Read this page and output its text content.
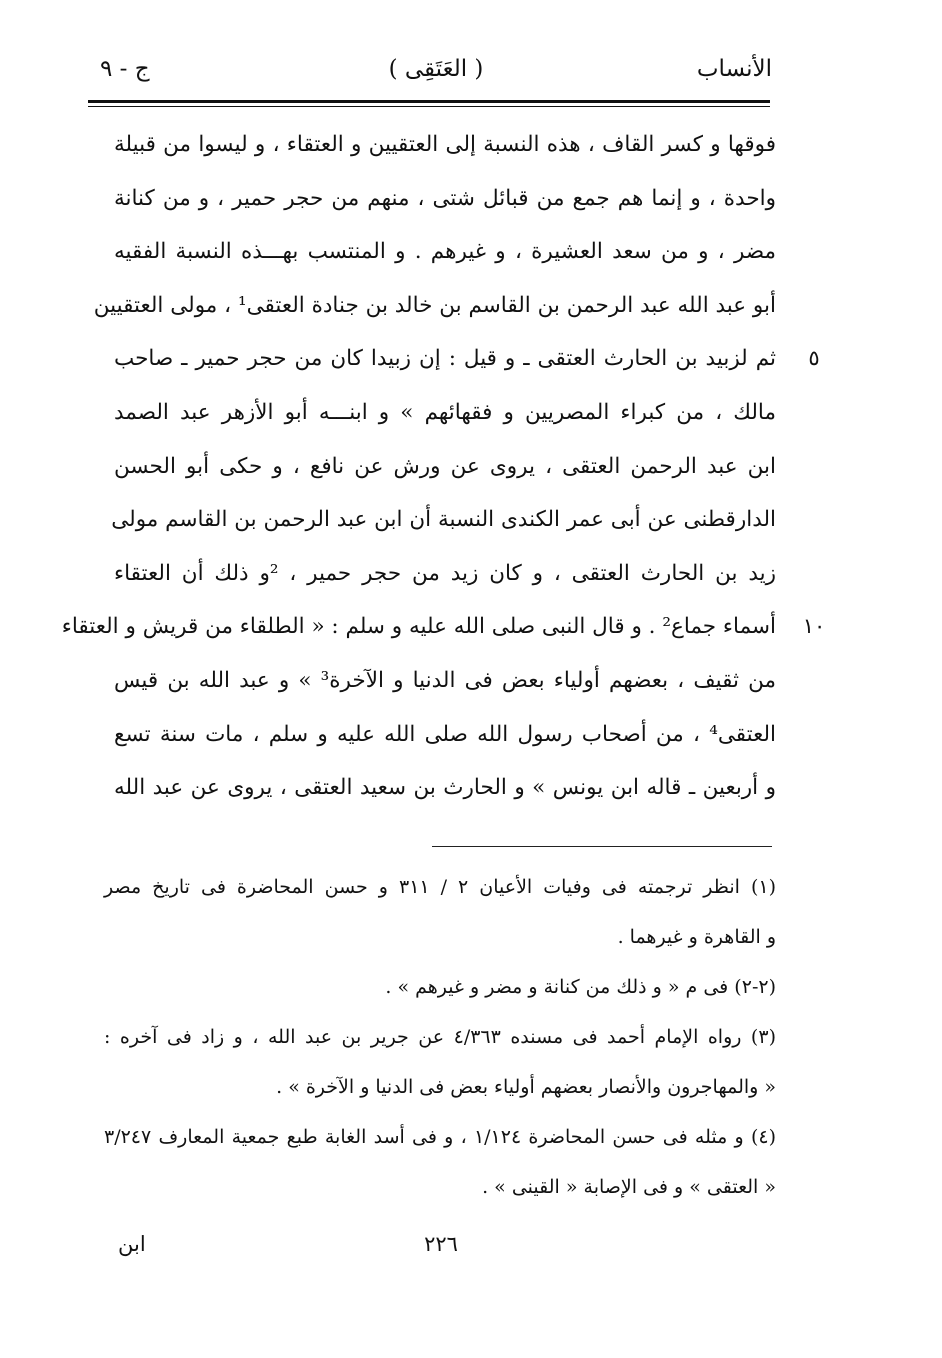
الأنساب
( العَتَقِى )
ج - ٩
فوقها و كسر القاف ، هذه النسبة إلى العتقيين و العتقاء ، و ليسوا من قبيلة
واحدة ، و إنما هم جمع من قبائل شتى ، منهم من حجر حمير ، و من كنانة
مضر ، و من سعد العشيرة ، و غيرهم . و المنتسب بهـــذه النسبة الفقيه
أبو عبد الله عبد الرحمن بن القاسم بن خالد بن جنادة العتقى¹ ، مولى العتقيين
ثم لزبيد بن الحارث العتقى ـ و قيل : إن زبيدا كان من حجر حمير ـ صاحب
مالك ، من كبراء المصريين و فقهائهم » و ابنـــه أبو الأزهر عبد الصمد
ابن عبد الرحمن العتقى ، يروى عن ورش عن نافع ، و حكى أبو الحسن
الدارقطنى عن أبى عمر الكندى النسبة أن ابن عبد الرحمن بن القاسم مولى
زيد بن الحارث العتقى ، و كان زيد من حجر حمير ، ²و ذلك أن العتقاء
أسماء جماع² . و قال النبى صلى الله عليه و سلم : « الطلقاء من قريش و العتقاء
من ثقيف ، بعضهم أولياء بعض فى الدنيا و الآخرة³ » و عبد الله بن قيس
العتقى⁴ ، من أصحاب رسول الله صلى الله عليه و سلم ، مات سنة تسع
و أربعين ـ قاله ابن يونس » و الحارث بن سعيد العتقى ، يروى عن عبد الله
٥
١٠
(١) انظر ترجمته فى وفيات الأعيان ٢ / ٣١١ و حسن المحاضرة فى تاريخ مصر
و القاهرة و غيرهما .
(٢-٢) فى م « و ذلك من كنانة و مضر و غيرهم » .
(٣) رواه الإمام أحمد فى مسنده ٤/٣٦٣ عن جرير بن عبد الله ، و زاد فى آخره :
« والمهاجرون والأنصار بعضهم أولياء بعض فى الدنيا و الآخرة » .
(٤) و مثله فى حسن المحاضرة ١/١٢٤ ، و فى أسد الغابة طبع جمعية المعارف ٣/٢٤٧
« العتقى » و فى الإصابة « القينى » .
٢٢٦
ابن
